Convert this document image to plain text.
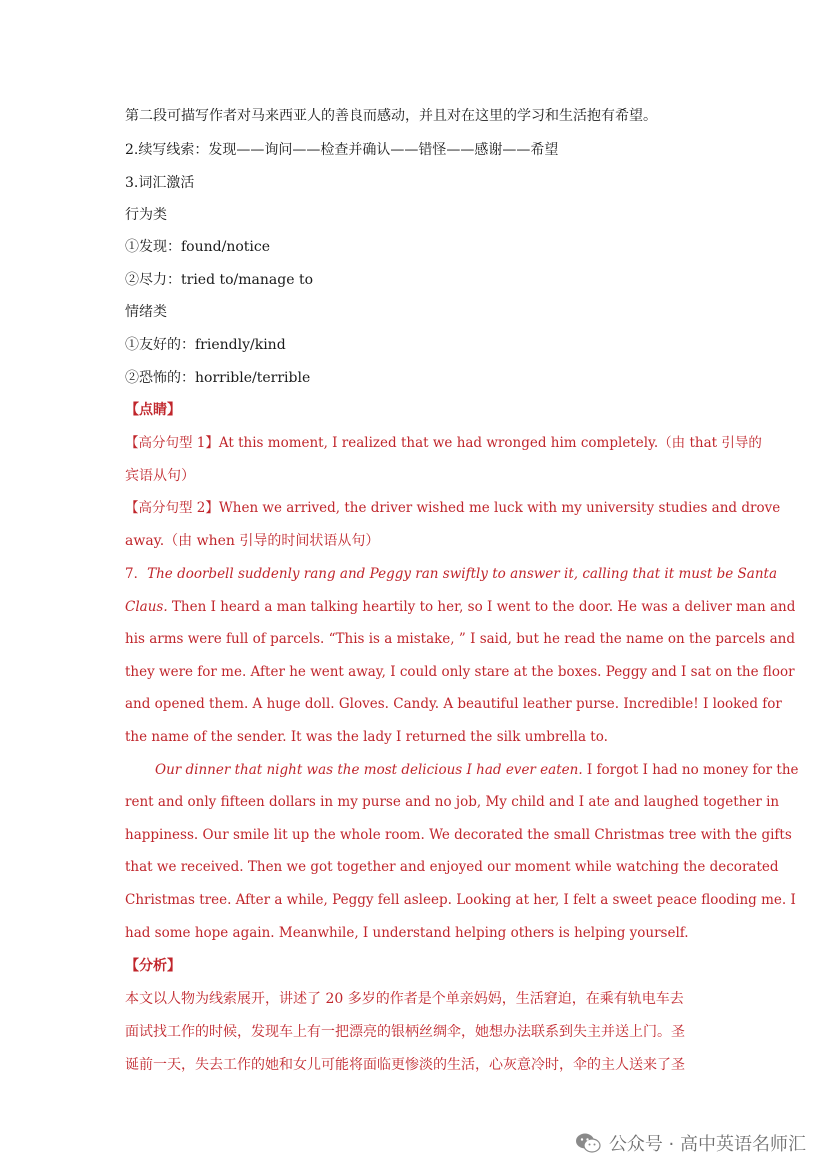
第二段可描写作者对马来西亚人的善良而感动，并且对在这里的学习和生活抱有希望。
2.续写线索：发现——询问——检查并确认——错怪——感谢——希望
3.词汇激活
行为类
①发现：found/notice
②尽力：tried to/manage to
情绪类
①友好的：friendly/kind
②恐怖的：horrible/terrible
【点睛】
【高分句型 1】At this moment, I realized that we had wronged him completely.（由 that 引导的
宾语从句）
【高分句型 2】When we arrived, the driver wished me luck with my university studies and drove
away.（由 when 引导的时间状语从句）
7．The doorbell suddenly rang and Peggy ran swiftly to answer it, calling that it must be Santa
Claus. Then I heard a man talking heartily to her, so I went to the door. He was a deliver man and
his arms were full of parcels. “This is a mistake, ” I said, but he read the name on the parcels and
they were for me. After he went away, I could only stare at the boxes. Peggy and I sat on the floor
and opened them. A huge doll. Gloves. Candy. A beautiful leather purse. Incredible! I looked for
the name of the sender. It was the lady I returned the silk umbrella to.
Our dinner that night was the most delicious I had ever eaten. I forgot I had no money for the
rent and only fifteen dollars in my purse and no job, My child and I ate and laughed together in
happiness. Our smile lit up the whole room. We decorated the small Christmas tree with the gifts
that we received. Then we got together and enjoyed our moment while watching the decorated
Christmas tree. After a while, Peggy fell asleep. Looking at her, I felt a sweet peace flooding me. I
had some hope again. Meanwhile, I understand helping others is helping yourself.
【分析】
本文以人物为线索展开，讲述了 20 多岁的作者是个单亲妈妈，生活窘迫，在乘有轨电车去
面试找工作的时候，发现车上有一把漂亮的银柄丝绸伞，她想办法联系到失主并送上门。圣
诞前一天，失去工作的她和女儿可能将面临更惨淡的生活，心灰意冷时，伞的主人送来了圣
公众号 · 高中英语名师汇
